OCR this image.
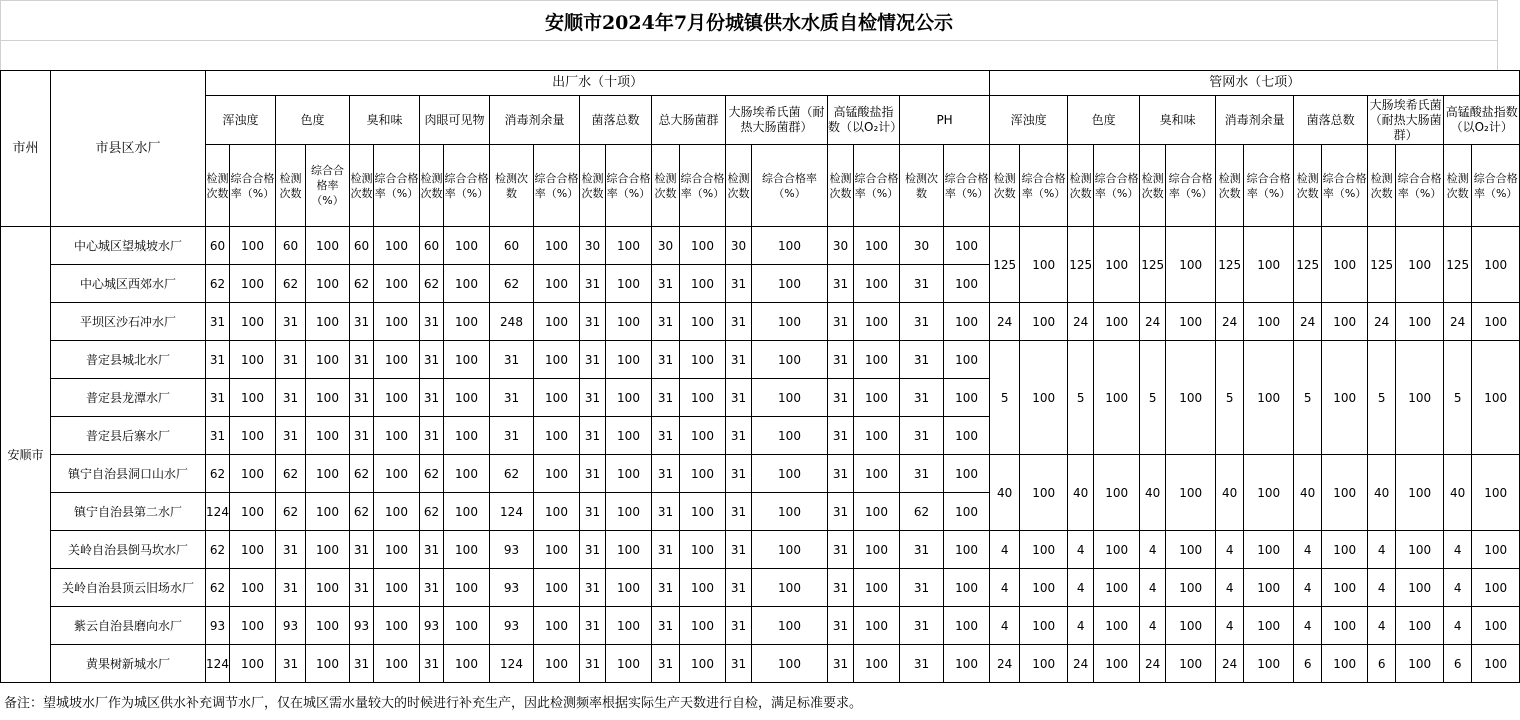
安顺市2024年7月份城镇供水水质自检情况公示
市州	市县区水厂	出厂水（十项）																				管网水（七项）													
		浑浊度		色度		臭和味		肉眼可见物		消毒剂余量		菌落总数		总大肠菌群		大肠埃希氏菌（耐热大肠菌群）		高锰酸盐指数（以O₂计）		PH		浑浊度		色度		臭和味		消毒剂余量		菌落总数		大肠埃希氏菌（耐热大肠菌群）		高锰酸盐指数（以O₂计）	
		检测次数	综合合格率（%）	检测次数	综合合格率（%）	检测次数	综合合格率（%）	检测次数	综合合格率（%）	检测次数	综合合格率（%）	检测次数	综合合格率（%）	检测次数	综合合格率（%）	检测次数	综合合格率（%）	检测次数	综合合格率（%）	检测次数	综合合格率（%）	检测次数	综合合格率（%）	检测次数	综合合格率（%）	检测次数	综合合格率（%）	检测次数	综合合格率（%）	检测次数	综合合格率（%）	检测次数	综合合格率（%）	检测次数	综合合格率（%）
安顺市	中心城区望城坡水厂	60	100	60	100	60	100	60	100	60	100	30	100	30	100	30	100	30	100	30	100	125	100	125	100	125	100	125	100	125	100	125	100	125	100
	中心城区西郊水厂	62	100	62	100	62	100	62	100	62	100	31	100	31	100	31	100	31	100	31	100														
	平坝区沙石冲水厂	31	100	31	100	31	100	31	100	248	100	31	100	31	100	31	100	31	100	31	100	24	100	24	100	24	100	24	100	24	100	24	100	24	100
	普定县城北水厂	31	100	31	100	31	100	31	100	31	100	31	100	31	100	31	100	31	100	31	100	5	100	5	100	5	100	5	100	5	100	5	100	5	100
	普定县龙潭水厂	31	100	31	100	31	100	31	100	31	100	31	100	31	100	31	100	31	100	31	100														
	普定县后寨水厂	31	100	31	100	31	100	31	100	31	100	31	100	31	100	31	100	31	100	31	100														
	镇宁自治县洞口山水厂	62	100	62	100	62	100	62	100	62	100	31	100	31	100	31	100	31	100	31	100	40	100	40	100	40	100	40	100	40	100	40	100	40	100
	镇宁自治县第二水厂	124	100	62	100	62	100	62	100	124	100	31	100	31	100	31	100	31	100	62	100														
	关岭自治县倒马坎水厂	62	100	31	100	31	100	31	100	93	100	31	100	31	100	31	100	31	100	31	100	4	100	4	100	4	100	4	100	4	100	4	100	4	100
	关岭自治县顶云旧场水厂	62	100	31	100	31	100	31	100	93	100	31	100	31	100	31	100	31	100	31	100	4	100	4	100	4	100	4	100	4	100	4	100	4	100
	紫云自治县磨向水厂	93	100	93	100	93	100	93	100	93	100	31	100	31	100	31	100	31	100	31	100	4	100	4	100	4	100	4	100	4	100	4	100	4	100
	黄果树新城水厂	124	100	31	100	31	100	31	100	124	100	31	100	31	100	31	100	31	100	31	100	24	100	24	100	24	100	24	100	6	100	6	100	6	100
备注：望城坡水厂作为城区供水补充调节水厂，仅在城区需水量较大的时候进行补充生产，因此检测频率根据实际生产天数进行自检，满足标准要求。
